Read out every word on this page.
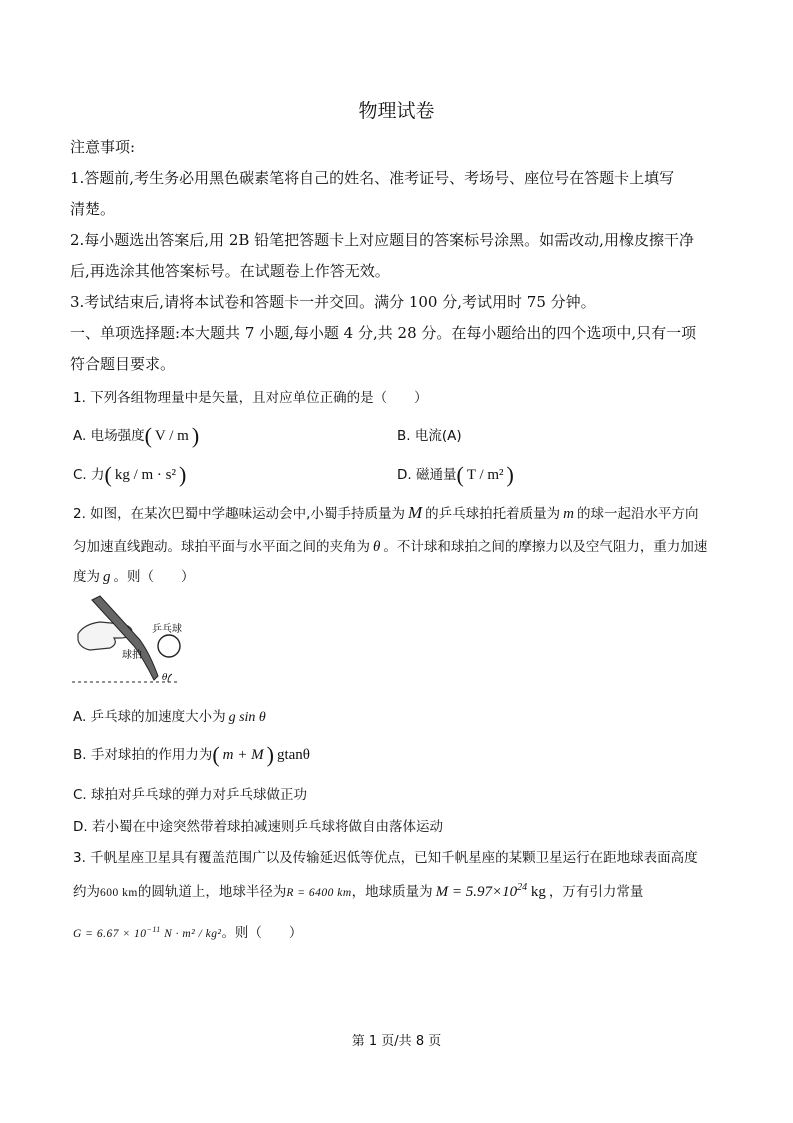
物理试卷
注意事项:
1.答题前,考生务必用黑色碳素笔将自己的姓名、准考证号、考场号、座位号在答题卡上填写
清楚。
2.每小题选出答案后,用 2B 铅笔把答题卡上对应题目的答案标号涂黑。如需改动,用橡皮擦干净
后,再选涂其他答案标号。在试题卷上作答无效。
3.考试结束后,请将本试卷和答题卡一并交回。满分 100 分,考试用时 75 分钟。
一、单项选择题:本大题共 7 小题,每小题 4 分,共 28 分。在每小题给出的四个选项中,只有一项
符合题目要求。
1. 下列各组物理量中是矢量，且对应单位正确的是（　　）
A. 电场强度( V / m )	B. 电流(A)
C. 力( kg / m · s² )	D. 磁通量( T / m² )
2. 如图，在某次巴蜀中学趣味运动会中,小蜀手持质量为 M 的乒乓球拍托着质量为 m 的球一起沿水平方向
匀加速直线跑动。球拍平面与水平面之间的夹角为 θ 。不计球和球拍之间的摩擦力以及空气阻力，重力加速
度为 g 。则（　　）
乒乓球
球拍
θ
A. 乒乓球的加速度大小为 g sin θ
B. 手对球拍的作用力为( m + M ) gtanθ
C. 球拍对乒乓球的弹力对乒乓球做正功
D. 若小蜀在中途突然带着球拍减速则乒乓球将做自由落体运动
3. 千帆星座卫星具有覆盖范围广以及传输延迟低等优点，已知千帆星座的某颗卫星运行在距地球表面高度
约为600 km的圆轨道上，地球半径为R = 6400 km，地球质量为 $M = 5.97\times 10^{24}$ kg ，万有引力常量
$G = 6.67 \times 10^{-11}$ N · m² / kg²。则（　　）
第 1 页/共 8 页
